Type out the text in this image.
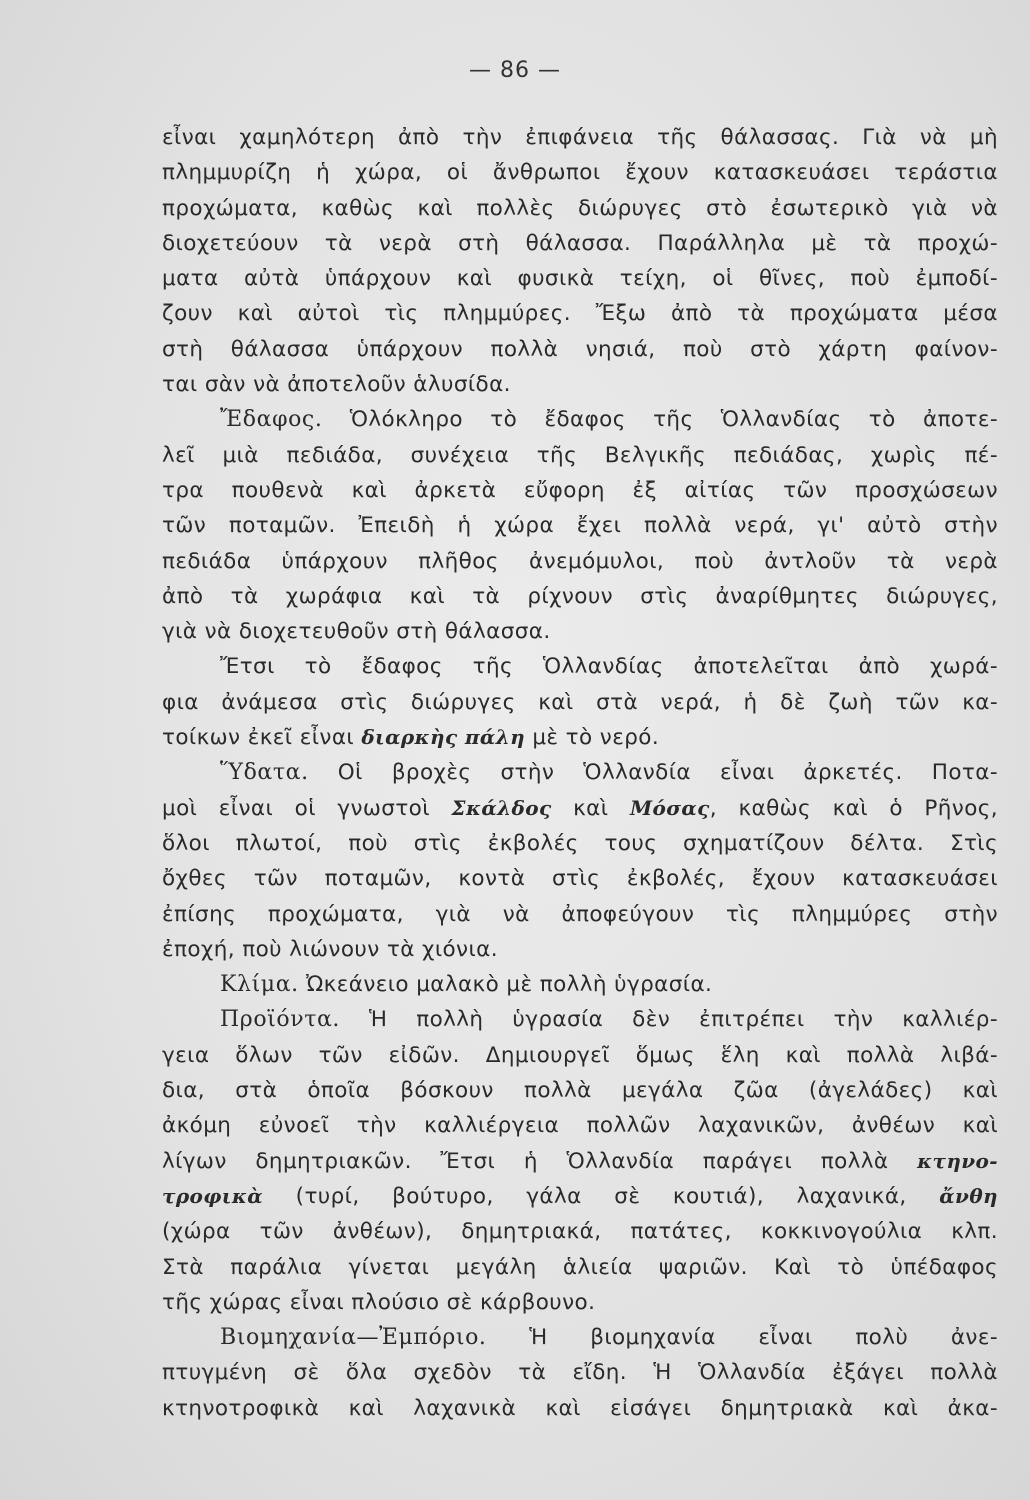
— 86 —
εἶναι χαμηλότερη ἀπὸ τὴν ἐπιφάνεια τῆς θάλασσας. Γιὰ νὰ μὴ
πλημμυρίζη ἡ χώρα, οἱ ἄνθρωποι ἔχουν κατασκευάσει τεράστια
προχώματα, καθὼς καὶ πολλὲς διώρυγες στὸ ἐσωτερικὸ γιὰ νὰ
διοχετεύουν τὰ νερὰ στὴ θάλασσα. Παράλληλα μὲ τὰ προχώ-
ματα αὐτὰ ὑπάρχουν καὶ φυσικὰ τείχη, οἱ θῖνες, ποὺ ἐμποδί-
ζουν καὶ αὐτοὶ τὶς πλημμύρες. Ἔξω ἀπὸ τὰ προχώματα μέσα
στὴ θάλασσα ὑπάρχουν πολλὰ νησιά, ποὺ στὸ χάρτη φαίνον-
ται σὰν νὰ ἀποτελοῦν ἁλυσίδα.
Ἔδαφος. Ὁλόκληρο τὸ ἔδαφος τῆς Ὁλλανδίας τὸ ἀποτε-
λεῖ μιὰ πεδιάδα, συνέχεια τῆς Βελγικῆς πεδιάδας, χωρὶς πέ-
τρα πουθενὰ καὶ ἀρκετὰ εὔφορη ἐξ αἰτίας τῶν προσχώσεων
τῶν ποταμῶν. Ἐπειδὴ ἡ χώρα ἔχει πολλὰ νερά, γι' αὐτὸ στὴν
πεδιάδα ὑπάρχουν πλῆθος ἀνεμόμυλοι, ποὺ ἀντλοῦν τὰ νερὰ
ἀπὸ τὰ χωράφια καὶ τὰ ρίχνουν στὶς ἀναρίθμητες διώρυγες,
γιὰ νὰ διοχετευθοῦν στὴ θάλασσα.
Ἔτσι τὸ ἔδαφος τῆς Ὁλλανδίας ἀποτελεῖται ἀπὸ χωρά-
φια ἀνάμεσα στὶς διώρυγες καὶ στὰ νερά, ἡ δὲ ζωὴ τῶν κα-
τοίκων ἐκεῖ εἶναι διαρκὴς πάλη μὲ τὸ νερό.
Ὕδατα. Οἱ βροχὲς στὴν Ὁλλανδία εἶναι ἀρκετές. Ποτα-
μοὶ εἶναι οἱ γνωστοὶ Σκάλδος καὶ Μόσας, καθὼς καὶ ὁ Ρῆνος,
ὅλοι πλωτοί, ποὺ στὶς ἐκβολές τους σχηματίζουν δέλτα. Στὶς
ὄχθες τῶν ποταμῶν, κοντὰ στὶς ἐκβολές, ἔχουν κατασκευάσει
ἐπίσης προχώματα, γιὰ νὰ ἀποφεύγουν τὶς πλημμύρες στὴν
ἐποχή, ποὺ λιώνουν τὰ χιόνια.
Κλίμα. Ὠκεάνειο μαλακὸ μὲ πολλὴ ὑγρασία.
Προϊόντα. Ἡ πολλὴ ὑγρασία δὲν ἐπιτρέπει τὴν καλλιέρ-
γεια ὅλων τῶν εἰδῶν. Δημιουργεῖ ὅμως ἕλη καὶ πολλὰ λιβά-
δια, στὰ ὁποῖα βόσκουν πολλὰ μεγάλα ζῶα (ἀγελάδες) καὶ
ἀκόμη εὐνοεῖ τὴν καλλιέργεια πολλῶν λαχανικῶν, ἀνθέων καὶ
λίγων δημητριακῶν. Ἔτσι ἡ Ὁλλανδία παράγει πολλὰ κτηνο-
τροφικὰ (τυρί, βούτυρο, γάλα σὲ κουτιά), λαχανικά, ἄνθη
(χώρα τῶν ἀνθέων), δημητριακά, πατάτες, κοκκινογούλια κλπ.
Στὰ παράλια γίνεται μεγάλη ἁλιεία ψαριῶν. Καὶ τὸ ὑπέδαφος
τῆς χώρας εἶναι πλούσιο σὲ κάρβουνο.
Βιομηχανία—Ἐμπόριο. Ἡ βιομηχανία εἶναι πολὺ ἀνε-
πτυγμένη σὲ ὅλα σχεδὸν τὰ εἴδη. Ἡ Ὁλλανδία ἐξάγει πολλὰ
κτηνοτροφικὰ καὶ λαχανικὰ καὶ εἰσάγει δημητριακὰ καὶ ἀκα-
